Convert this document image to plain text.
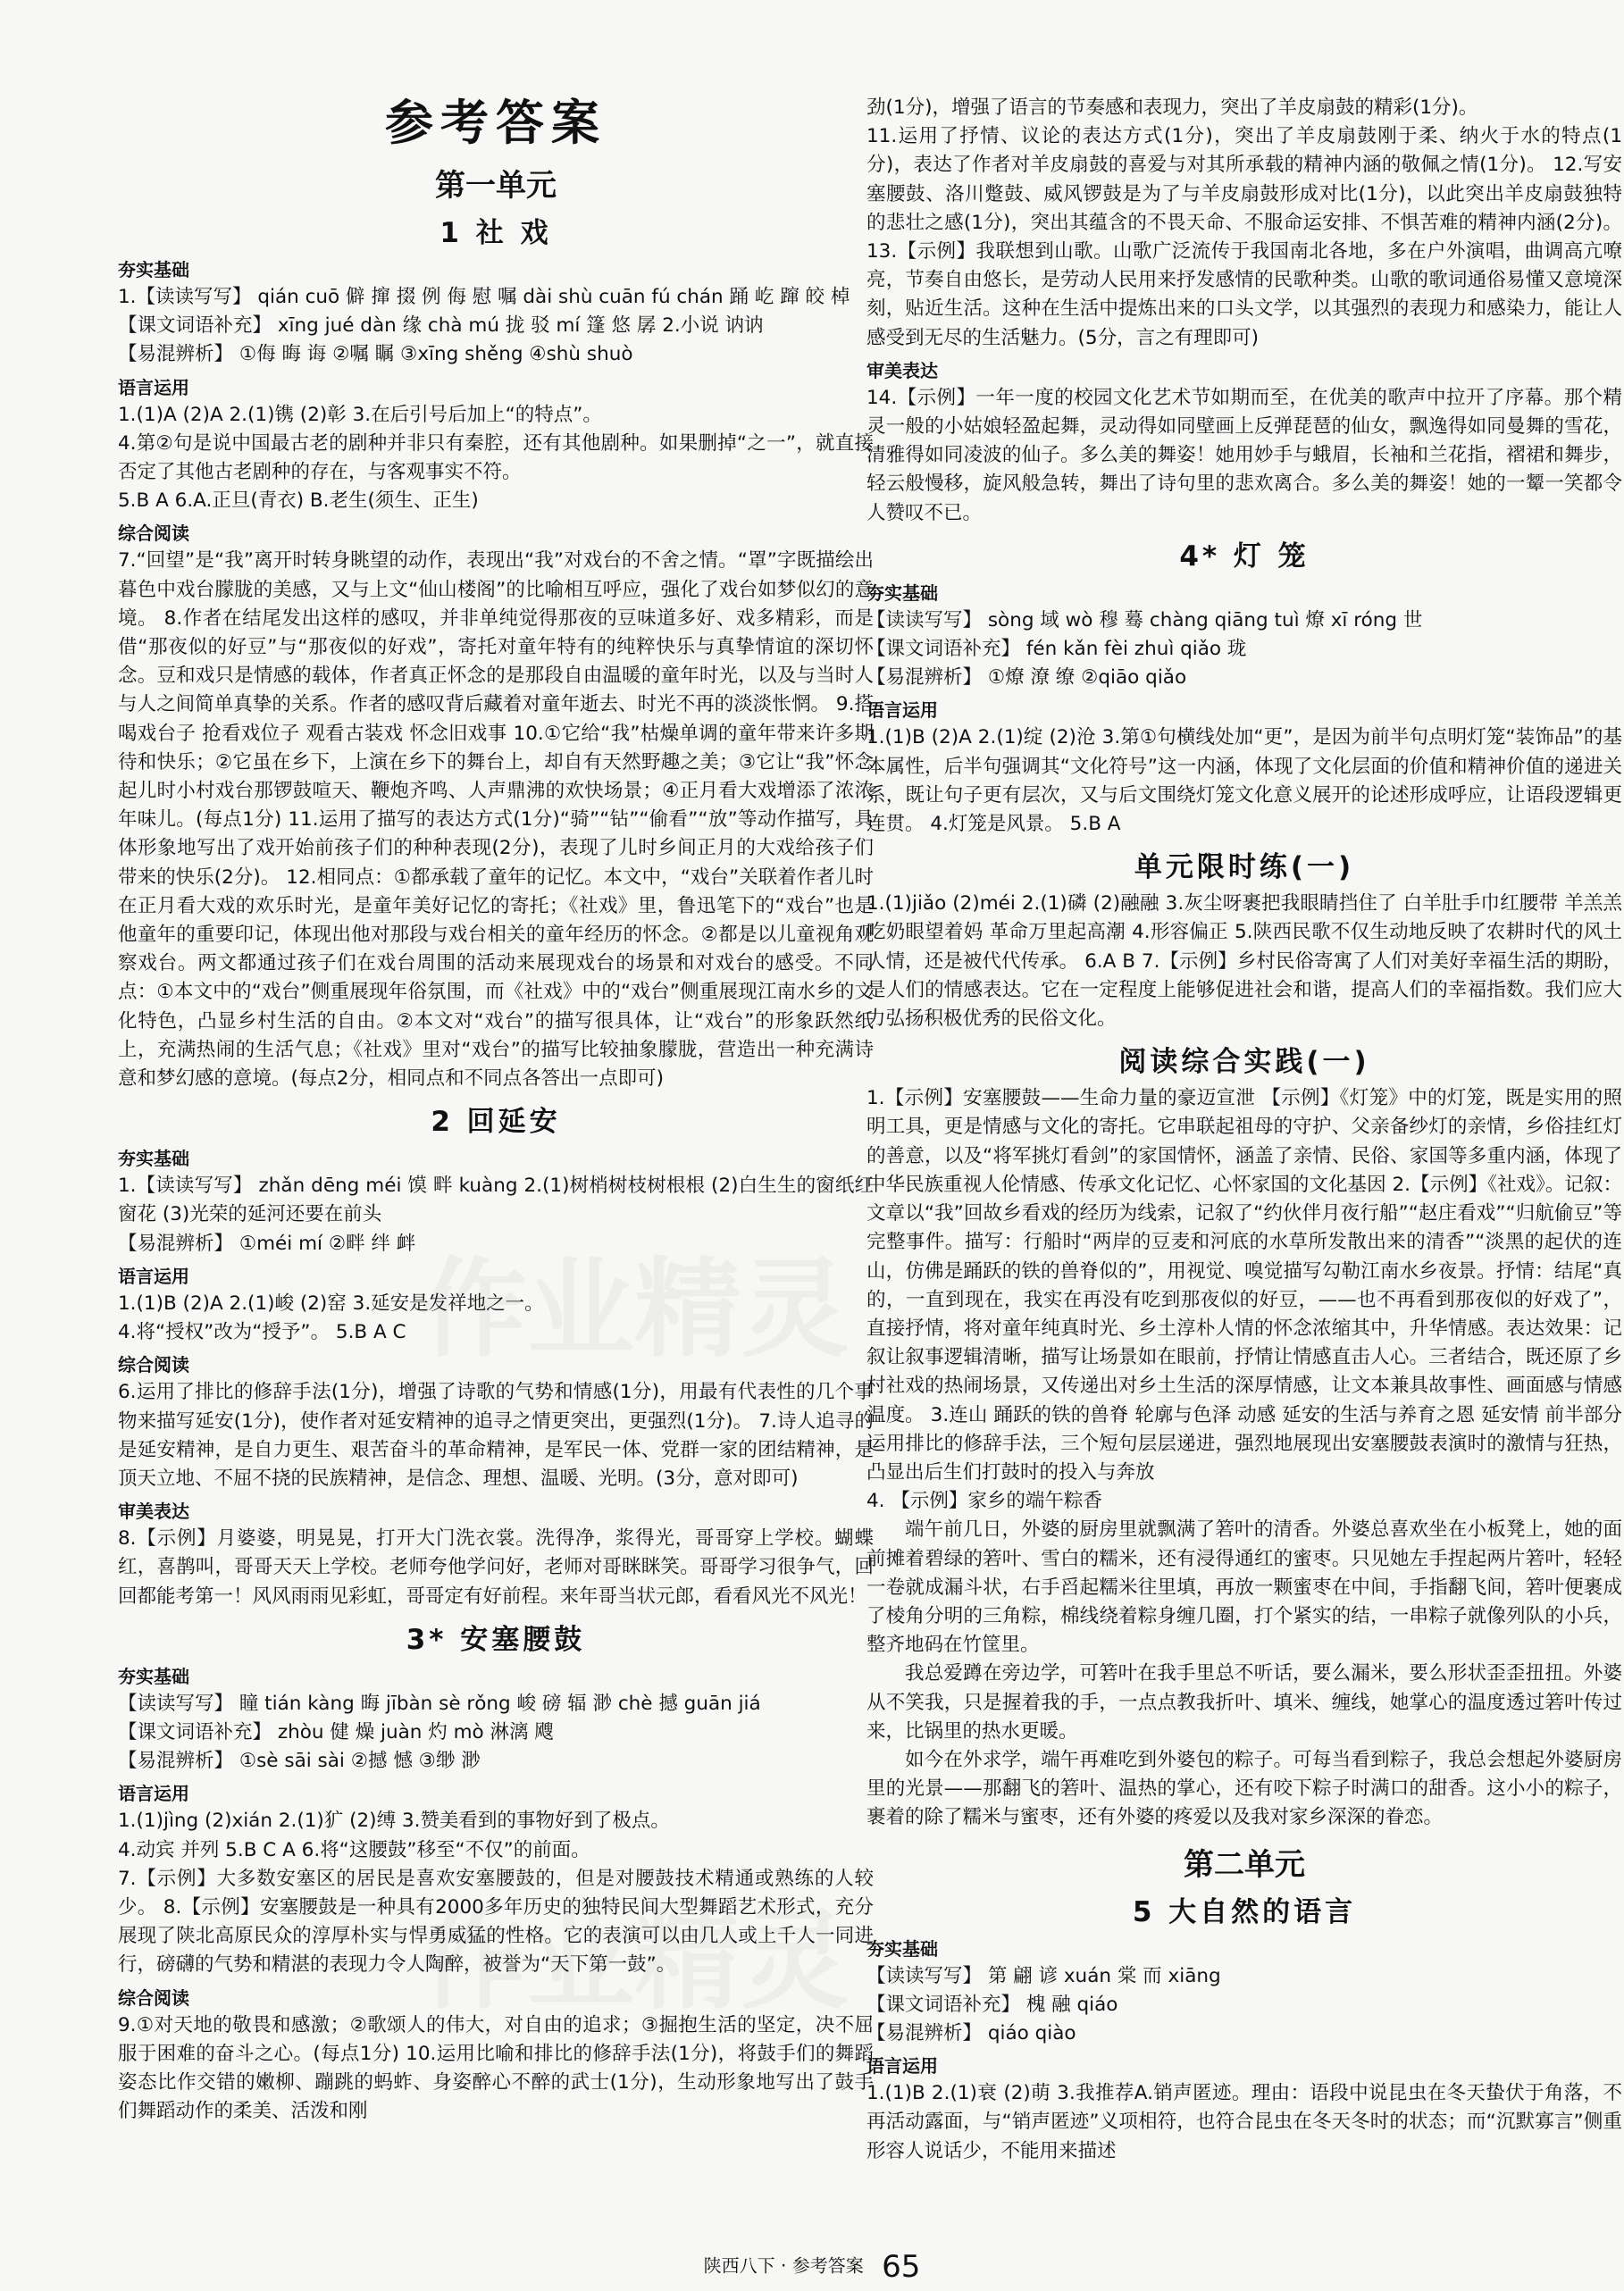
参考答案
第一单元
1 社 戏
夯实基础
1.【读读写写】 qián cuō 僻 撺 掇 例 侮 慰 嘱 dài shù cuān fú chán 踊 屹 蹿 皎 棹
【课文词语补充】 xīng jué dàn 缘 chà mú 拢 驳 mí 篷 悠 孱 2.小说 讷讷
【易混辨析】 ①侮 晦 诲 ②嘱 瞩 ③xīng shěng ④shù shuò
语言运用
1.(1)A (2)A 2.(1)镌 (2)彰 3.在后引号后加上“的特点”。
4.第②句是说中国最古老的剧种并非只有秦腔，还有其他剧种。如果删掉“之一”，就直接否定了其他古老剧种的存在，与客观事实不符。
5.B A 6.A.正旦(青衣) B.老生(须生、正生)
综合阅读
7.“回望”是“我”离开时转身眺望的动作，表现出“我”对戏台的不舍之情。“罩”字既描绘出暮色中戏台朦胧的美感，又与上文“仙山楼阁”的比喻相互呼应，强化了戏台如梦似幻的意境。 8.作者在结尾发出这样的感叹，并非单纯觉得那夜的豆味道多好、戏多精彩，而是借“那夜似的好豆”与“那夜似的好戏”，寄托对童年特有的纯粹快乐与真挚情谊的深切怀念。豆和戏只是情感的载体，作者真正怀念的是那段自由温暖的童年时光，以及与当时人与人之间简单真挚的关系。作者的感叹背后藏着对童年逝去、时光不再的淡淡怅惘。 9.搭喝戏台子 抢看戏位子 观看古装戏 怀念旧戏事 10.①它给“我”枯燥单调的童年带来许多期待和快乐；②它虽在乡下，上演在乡下的舞台上，却自有天然野趣之美；③它让“我”怀念起儿时小村戏台那锣鼓喧天、鞭炮齐鸣、人声鼎沸的欢快场景；④正月看大戏增添了浓浓年味儿。(每点1分) 11.运用了描写的表达方式(1分)“骑”“钻”“偷看”“放”等动作描写，具体形象地写出了戏开始前孩子们的种种表现(2分)，表现了儿时乡间正月的大戏给孩子们带来的快乐(2分)。 12.相同点：①都承载了童年的记忆。本文中，“戏台”关联着作者儿时在正月看大戏的欢乐时光，是童年美好记忆的寄托；《社戏》里，鲁迅笔下的“戏台”也是他童年的重要印记，体现出他对那段与戏台相关的童年经历的怀念。②都是以儿童视角观察戏台。两文都通过孩子们在戏台周围的活动来展现戏台的场景和对戏台的感受。不同点：①本文中的“戏台”侧重展现年俗氛围，而《社戏》中的“戏台”侧重展现江南水乡的文化特色，凸显乡村生活的自由。②本文对“戏台”的描写很具体，让“戏台”的形象跃然纸上，充满热闹的生活气息；《社戏》里对“戏台”的描写比较抽象朦胧，营造出一种充满诗意和梦幻感的意境。(每点2分，相同点和不同点各答出一点即可)
2 回延安
夯实基础
1.【读读写写】 zhǎn dēng méi 馍 畔 kuàng 2.(1)树梢树枝树根根 (2)白生生的窗纸红窗花 (3)光荣的延河还要在前头
【易混辨析】 ①méi mí ②畔 绊 衅
语言运用
1.(1)B (2)A 2.(1)峻 (2)窑 3.延安是发祥地之一。
4.将“授权”改为“授予”。 5.B A C
综合阅读
6.运用了排比的修辞手法(1分)，增强了诗歌的气势和情感(1分)，用最有代表性的几个事物来描写延安(1分)，使作者对延安精神的追寻之情更突出，更强烈(1分)。 7.诗人追寻的是延安精神，是自力更生、艰苦奋斗的革命精神，是军民一体、党群一家的团结精神，是顶天立地、不屈不挠的民族精神，是信念、理想、温暖、光明。(3分，意对即可)
审美表达
8.【示例】月婆婆，明晃晃，打开大门洗衣裳。洗得净，浆得光，哥哥穿上学校。蝴蝶红，喜鹊叫，哥哥天天上学校。老师夸他学问好，老师对哥眯眯笑。哥哥学习很争气，回回都能考第一！风风雨雨见彩虹，哥哥定有好前程。来年哥当状元郎，看看风光不风光！
3* 安塞腰鼓
夯实基础
【读读写写】 瞳 tián kàng 晦 jībàn sè rǒng 峻 磅 辐 渺 chè 撼 guān jiá
【课文词语补充】 zhòu 健 燥 juàn 灼 mò 淋漓 飕
【易混辨析】 ①sè sāi sài ②撼 憾 ③缈 渺
语言运用
1.(1)jìng (2)xián 2.(1)犷 (2)缚 3.赞美看到的事物好到了极点。
4.动宾 并列 5.B C A 6.将“这腰鼓”移至“不仅”的前面。
7.【示例】大多数安塞区的居民是喜欢安塞腰鼓的，但是对腰鼓技术精通或熟练的人较少。 8.【示例】安塞腰鼓是一种具有2000多年历史的独特民间大型舞蹈艺术形式，充分展现了陕北高原民众的淳厚朴实与悍勇威猛的性格。它的表演可以由几人或上千人一同进行，磅礴的气势和精湛的表现力令人陶醉，被誉为“天下第一鼓”。
综合阅读
9.①对天地的敬畏和感激；②歌颂人的伟大，对自由的追求；③掘抱生活的坚定，决不屈服于困难的奋斗之心。(每点1分) 10.运用比喻和排比的修辞手法(1分)，将鼓手们的舞蹈姿态比作交错的嫩柳、蹦跳的蚂蚱、身姿醉心不醉的武士(1分)，生动形象地写出了鼓手们舞蹈动作的柔美、活泼和刚
劲(1分)，增强了语言的节奏感和表现力，突出了羊皮扇鼓的精彩(1分)。
11.运用了抒情、议论的表达方式(1分)，突出了羊皮扇鼓刚于柔、纳火于水的特点(1分)，表达了作者对羊皮扇鼓的喜爱与对其所承载的精神内涵的敬佩之情(1分)。 12.写安塞腰鼓、洛川蹩鼓、威风锣鼓是为了与羊皮扇鼓形成对比(1分)，以此突出羊皮扇鼓独特的悲壮之感(1分)，突出其蕴含的不畏天命、不服命运安排、不惧苦难的精神内涵(2分)。 13.【示例】我联想到山歌。山歌广泛流传于我国南北各地，多在户外演唱，曲调高亢嘹亮，节奏自由悠长，是劳动人民用来抒发感情的民歌种类。山歌的歌词通俗易懂又意境深刻，贴近生活。这种在生活中提炼出来的口头文学，以其强烈的表现力和感染力，能让人感受到无尽的生活魅力。(5分，言之有理即可)
审美表达
14.【示例】一年一度的校园文化艺术节如期而至，在优美的歌声中拉开了序幕。那个精灵一般的小姑娘轻盈起舞，灵动得如同壁画上反弹琵琶的仙女，飘逸得如同曼舞的雪花，清雅得如同凌波的仙子。多么美的舞姿！她用妙手与蛾眉，长袖和兰花指，褶裙和舞步，轻云般慢移，旋风般急转，舞出了诗句里的悲欢离合。多么美的舞姿！她的一颦一笑都令人赞叹不已。
4* 灯 笼
夯实基础
【读读写写】 sòng 域 wò 穆 蓦 chàng qiāng tuì 燎 xī róng 世
【课文词语补充】 fén kǎn fèi zhuì qiǎo 珑
【易混辨析】 ①燎 潦 缭 ②qiāo qiǎo
语言运用
1.(1)B (2)A 2.(1)绽 (2)沧 3.第①句横线处加“更”，是因为前半句点明灯笼“装饰品”的基本属性，后半句强调其“文化符号”这一内涵，体现了文化层面的价值和精神价值的递进关系，既让句子更有层次，又与后文围绕灯笼文化意义展开的论述形成呼应，让语段逻辑更连贯。 4.灯笼是风景。 5.B A
单元限时练(一)
1.(1)jiǎo (2)méi 2.(1)磷 (2)融融 3.灰尘呀裹把我眼睛挡住了 白羊肚手巾红腰带 羊羔羔吃奶眼望着妈 革命万里起高潮 4.形容偏正 5.陕西民歌不仅生动地反映了农耕时代的风土人情，还是被代代传承。 6.A B 7.【示例】乡村民俗寄寓了人们对美好幸福生活的期盼，是人们的情感表达。它在一定程度上能够促进社会和谐，提高人们的幸福指数。我们应大力弘扬积极优秀的民俗文化。
阅读综合实践(一)
1.【示例】安塞腰鼓——生命力量的豪迈宣泄 【示例】《灯笼》中的灯笼，既是实用的照明工具，更是情感与文化的寄托。它串联起祖母的守护、父亲备纱灯的亲情，乡俗挂红灯的善意，以及“将军挑灯看剑”的家国情怀，涵盖了亲情、民俗、家国等多重内涵，体现了中华民族重视人伦情感、传承文化记忆、心怀家国的文化基因 2.【示例】《社戏》。记叙：文章以“我”回故乡看戏的经历为线索，记叙了“约伙伴月夜行船”“赵庄看戏”“归航偷豆”等完整事件。描写：行船时“两岸的豆麦和河底的水草所发散出来的清香”“淡黑的起伏的连山，仿佛是踊跃的铁的兽脊似的”，用视觉、嗅觉描写勾勒江南水乡夜景。抒情：结尾“真的，一直到现在，我实在再没有吃到那夜似的好豆，——也不再看到那夜似的好戏了”，直接抒情，将对童年纯真时光、乡土淳朴人情的怀念浓缩其中，升华情感。表达效果：记叙让叙事逻辑清晰，描写让场景如在眼前，抒情让情感直击人心。三者结合，既还原了乡村社戏的热闹场景，又传递出对乡土生活的深厚情感，让文本兼具故事性、画面感与情感温度。 3.连山 踊跃的铁的兽脊 轮廓与色泽 动感 延安的生活与养育之恩 延安情 前半部分运用排比的修辞手法，三个短句层层递进，强烈地展现出安塞腰鼓表演时的激情与狂热，凸显出后生们打鼓时的投入与奔放
4. 【示例】家乡的端午粽香
端午前几日，外婆的厨房里就飘满了箬叶的清香。外婆总喜欢坐在小板凳上，她的面前摊着碧绿的箬叶、雪白的糯米，还有浸得通红的蜜枣。只见她左手捏起两片箬叶，轻轻一卷就成漏斗状，右手舀起糯米往里填，再放一颗蜜枣在中间，手指翻飞间，箬叶便裹成了棱角分明的三角粽，棉线绕着粽身缠几圈，打个紧实的结，一串粽子就像列队的小兵，整齐地码在竹筐里。
我总爱蹲在旁边学，可箬叶在我手里总不听话，要么漏米，要么形状歪歪扭扭。外婆从不笑我，只是握着我的手，一点点教我折叶、填米、缠线，她掌心的温度透过箬叶传过来，比锅里的热水更暖。
如今在外求学，端午再难吃到外婆包的粽子。可每当看到粽子，我总会想起外婆厨房里的光景——那翻飞的箬叶、温热的掌心，还有咬下粽子时满口的甜香。这小小的粽子，裹着的除了糯米与蜜枣，还有外婆的疼爱以及我对家乡深深的眷恋。
第二单元
5 大自然的语言
夯实基础
【读读写写】 第 翩 谚 xuán 棠 而 xiāng
【课文词语补充】 槐 融 qiáo
【易混辨析】 qiáo qiào
语言运用
1.(1)B 2.(1)衰 (2)萌 3.我推荐A.销声匿迹。理由：语段中说昆虫在冬天蛰伏于角落，不再活动露面，与“销声匿迹”义项相符，也符合昆虫在冬天冬时的状态；而“沉默寡言”侧重形容人说话少，不能用来描述
陕西八下 · 参考答案 65
